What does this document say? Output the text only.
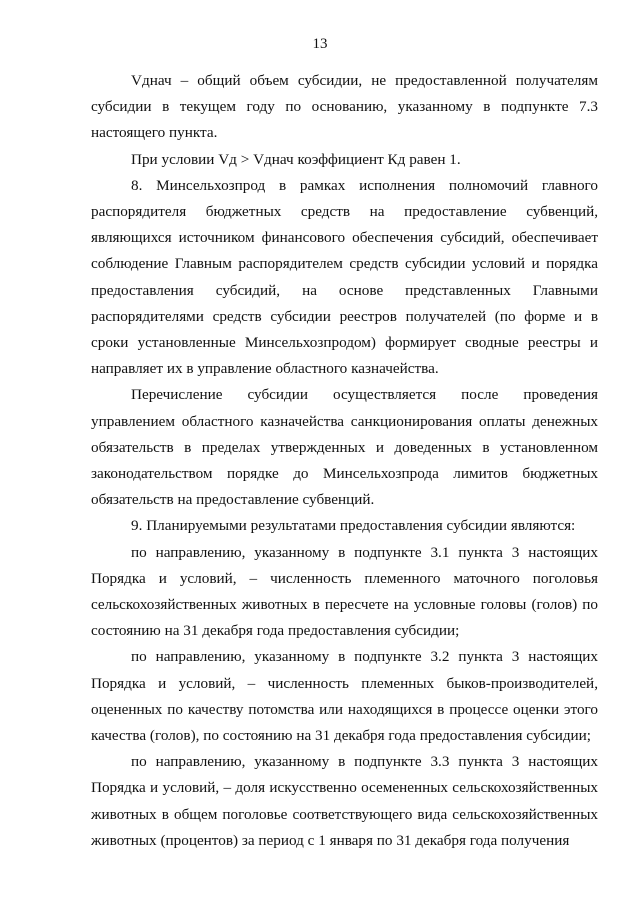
13

Vднач – общий объем субсидии, не предоставленной получателям субсидии в текущем году по основанию, указанному в подпункте 7.3 настоящего пункта.

При условии Vд > Vднач коэффициент Кд равен 1.

8. Минсельхозпрод в рамках исполнения полномочий главного распорядителя бюджетных средств на предоставление субвенций, являющихся источником финансового обеспечения субсидий, обеспечивает соблюдение Главным распорядителем средств субсидии условий и порядка предоставления субсидий, на основе представленных Главными распорядителями средств субсидии реестров получателей (по форме и в сроки установленные Минсельхозпродом) формирует сводные реестры и направляет их в управление областного казначейства.

Перечисление субсидии осуществляется после проведения управлением областного казначейства санкционирования оплаты денежных обязательств в пределах утвержденных и доведенных в установленном законодательством порядке до Минсельхозпрода лимитов бюджетных обязательств на предоставление субвенций.

9. Планируемыми результатами предоставления субсидии являются:

по направлению, указанному в подпункте 3.1 пункта 3 настоящих Порядка и условий, – численность племенного маточного поголовья сельскохозяйственных животных в пересчете на условные головы (голов) по состоянию на 31 декабря года предоставления субсидии;

по направлению, указанному в подпункте 3.2 пункта 3 настоящих Порядка и условий, – численность племенных быков-производителей, оцененных по качеству потомства или находящихся в процессе оценки этого качества (голов), по состоянию на 31 декабря года предоставления субсидии;

по направлению, указанному в подпункте 3.3 пункта 3 настоящих Порядка и условий, – доля искусственно осемененных сельскохозяйственных животных в общем поголовье соответствующего вида сельскохозяйственных животных (процентов) за период с 1 января по 31 декабря года получения
